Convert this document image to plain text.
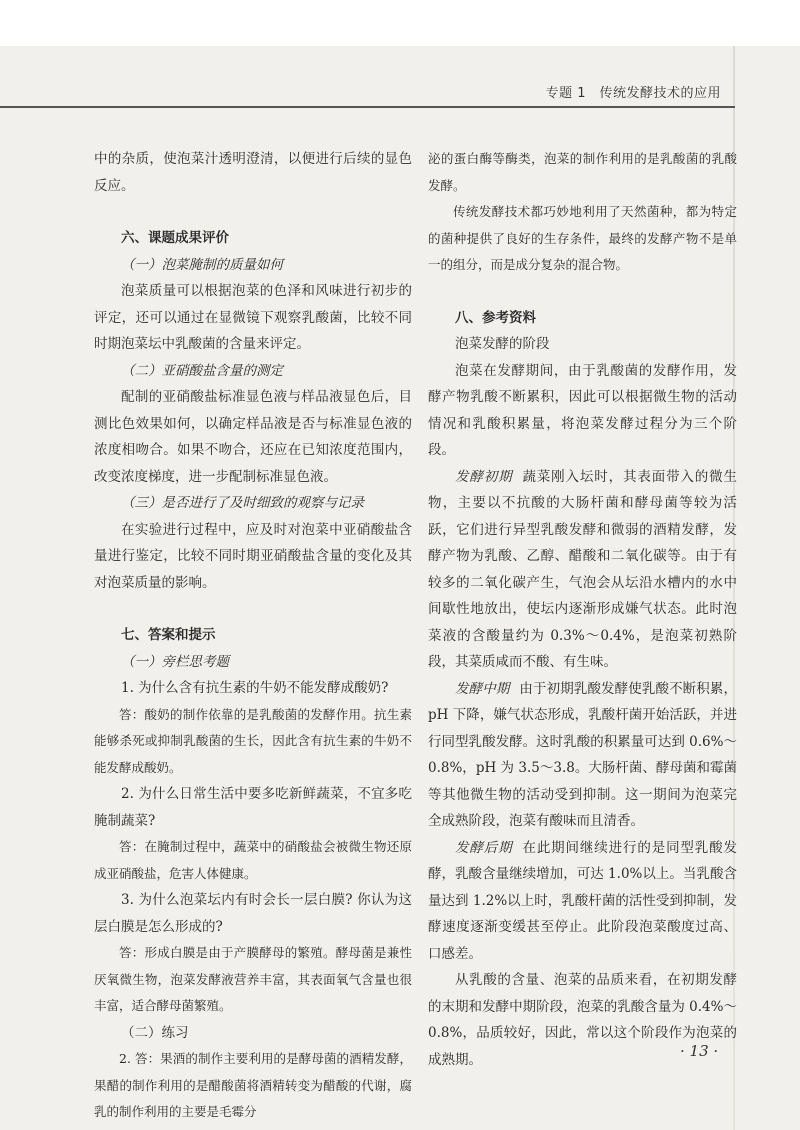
专题 1　传统发酵技术的应用

中的杂质，使泡菜汁透明澄清，以便进行后续的显色反应。

六、课题成果评价

（一）泡菜腌制的质量如何

泡菜质量可以根据泡菜的色泽和风味进行初步的评定，还可以通过在显微镜下观察乳酸菌，比较不同时期泡菜坛中乳酸菌的含量来评定。

（二）亚硝酸盐含量的测定

配制的亚硝酸盐标准显色液与样品液显色后，目测比色效果如何，以确定样品液是否与标准显色液的浓度相吻合。如果不吻合，还应在已知浓度范围内，改变浓度梯度，进一步配制标准显色液。

（三）是否进行了及时细致的观察与记录

在实验进行过程中，应及时对泡菜中亚硝酸盐含量进行鉴定，比较不同时期亚硝酸盐含量的变化及其对泡菜质量的影响。

七、答案和提示

（一）旁栏思考题

1. 为什么含有抗生素的牛奶不能发酵成酸奶?

答：酸奶的制作依靠的是乳酸菌的发酵作用。抗生素能够杀死或抑制乳酸菌的生长，因此含有抗生素的牛奶不能发酵成酸奶。

2. 为什么日常生活中要多吃新鲜蔬菜，不宜多吃腌制蔬菜?

答：在腌制过程中，蔬菜中的硝酸盐会被微生物还原成亚硝酸盐，危害人体健康。

3. 为什么泡菜坛内有时会长一层白膜? 你认为这层白膜是怎么形成的?

答：形成白膜是由于产膜酵母的繁殖。酵母菌是兼性厌氧微生物，泡菜发酵液营养丰富，其表面氧气含量也很丰富，适合酵母菌繁殖。

（二）练习

2. 答：果酒的制作主要利用的是酵母菌的酒精发酵，果醋的制作利用的是醋酸菌将酒精转变为醋酸的代谢，腐乳的制作利用的主要是毛霉分

泌的蛋白酶等酶类，泡菜的制作利用的是乳酸菌的乳酸发酵。

传统发酵技术都巧妙地利用了天然菌种，都为特定的菌种提供了良好的生存条件，最终的发酵产物不是单一的组分，而是成分复杂的混合物。

八、参考资料

泡菜发酵的阶段

泡菜在发酵期间，由于乳酸菌的发酵作用，发酵产物乳酸不断累积，因此可以根据微生物的活动情况和乳酸积累量，将泡菜发酵过程分为三个阶段。

发酵初期 蔬菜刚入坛时，其表面带入的微生物，主要以不抗酸的大肠杆菌和酵母菌等较为活跃，它们进行异型乳酸发酵和微弱的酒精发酵，发酵产物为乳酸、乙醇、醋酸和二氧化碳等。由于有较多的二氧化碳产生，气泡会从坛沿水槽内的水中间歇性地放出，使坛内逐渐形成嫌气状态。此时泡菜液的含酸量约为 0.3%～0.4%，是泡菜初熟阶段，其菜质咸而不酸、有生味。

发酵中期 由于初期乳酸发酵使乳酸不断积累，pH 下降，嫌气状态形成，乳酸杆菌开始活跃，并进行同型乳酸发酵。这时乳酸的积累量可达到 0.6%～0.8%，pH 为 3.5～3.8。大肠杆菌、酵母菌和霉菌等其他微生物的活动受到抑制。这一期间为泡菜完全成熟阶段，泡菜有酸味而且清香。

发酵后期 在此期间继续进行的是同型乳酸发酵，乳酸含量继续增加，可达 1.0%以上。当乳酸含量达到 1.2%以上时，乳酸杆菌的活性受到抑制，发酵速度逐渐变缓甚至停止。此阶段泡菜酸度过高、口感差。

从乳酸的含量、泡菜的品质来看，在初期发酵的末期和发酵中期阶段，泡菜的乳酸含量为 0.4%～0.8%，品质较好，因此，常以这个阶段作为泡菜的成熟期。	· 13 ·
